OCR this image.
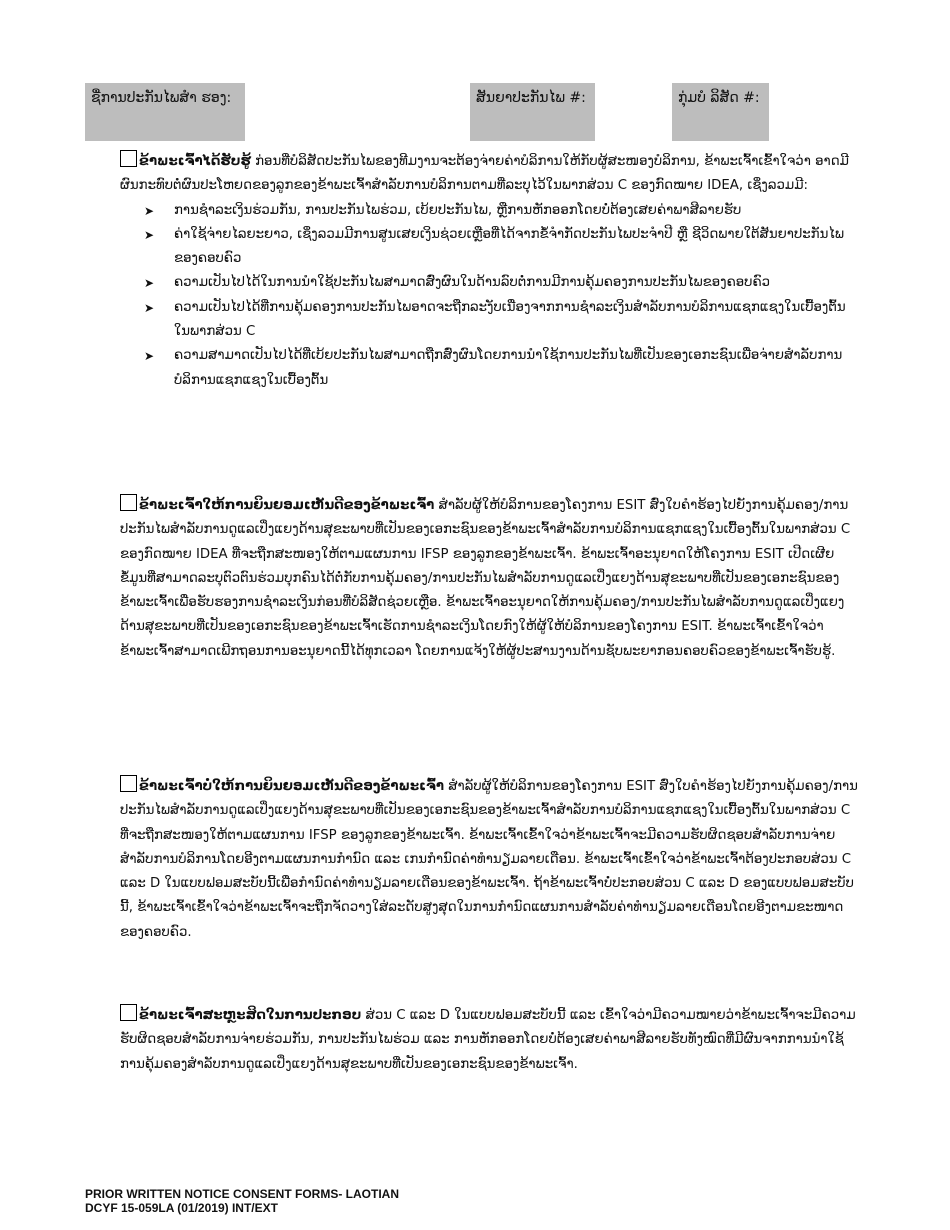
ຊື່ການປະກັນໄພສຳ ຮອງ:	ສັນຍາປະກັນໄພ #:	ກຸ່ມບໍ ລິສັດ #:
ຂ້າພະເຈົ້າໄດ້ຮັບຮູ້ ກ່ອນທີ່ບໍລິສັດປະກັນໄພຂອງທີມງານຈະຕ້ອງຈ່າຍຄ່າບໍລິການໃຫ້ກັບຜູ້ສະໜອງບໍລິການ, ຂ້າພະເຈົ້າເຂົ້າໃຈວ່າ ອາດມີຜົນກະທົບຕໍ່ຜົນປະໂຫຍດຂອງລູກຂອງຂ້າພະເຈົ້າສຳລັບການບໍລິການຕາມທີ່ລະບຸໄວ້ໃນພາກສ່ວນ C ຂອງກົດໝາຍ IDEA, ເຊິ່ງລວມມີ:
➤ ການຊຳລະເງິນຮ່ວມກັນ, ການປະກັນໄພຮ່ວມ, ເບ້ຍປະກັນໄພ, ຫຼືການຫັກອອກໂດຍບໍ່ຕ້ອງເສຍຄ່າພາສີລາຍຮັບ
➤ ຄ່າໃຊ້ຈ່າຍໄລຍະຍາວ, ເຊິ່ງລວມມີການສູນເສຍເງິນຊ່ວຍເຫຼືອທີ່ໄດ້ຈາກຂໍ້ຈຳກັດປະກັນໄພປະຈຳປີ ຫຼື ຊີວິດພາຍໃຕ້ສັນຍາປະກັນໄພຂອງຄອບຄົວ
➤ ຄວາມເປັນໄປໄດ້ໃນການນຳໃຊ້ປະກັນໄພສາມາດສົ່ງຜົນໃນດ້ານລົບຕໍ່ການມີການຄຸ້ມຄອງການປະກັນໄພຂອງຄອບຄົວ
➤ ຄວາມເປັນໄປໄດ້ທີ່ການຄຸ້ມຄອງການປະກັນໄພອາດຈະຖືກລະງັບເນື່ອງຈາກການຊຳລະເງິນສຳລັບການບໍລິການແຊກແຊງໃນເບື້ອງຕົ້ນໃນພາກສ່ວນ C
➤ ຄວາມສາມາດເປັນໄປໄດ້ທີ່ເບ້ຍປະກັນໄພສາມາດຖືກສົ່ງຜົນໂດຍການນຳໃຊ້ການປະກັນໄພທີ່ເປັນຂອງເອກະຊົນເພື່ອຈ່າຍສຳລັບການບໍລິການແຊກແຊງໃນເບື້ອງຕົ້ນ
ຂ້າພະເຈົ້າໃຫ້ການຍິນຍອມເຫັນດີຂອງຂ້າພະເຈົ້າ ສຳລັບຜູ້ໃຫ້ບໍລິການຂອງໂຄງການ ESIT ສົ່ງໃບຄຳຮ້ອງໄປຍັງການຄຸ້ມຄອງ/ການປະກັນໄພສຳລັບການດູແລເປິ່ງແຍງດ້ານສຸຂະພາບທີ່ເປັນຂອງເອກະຊົນຂອງຂ້າພະເຈົ້າສຳລັບການບໍລິການແຊກແຊງໃນເບື້ອງຕົ້ນໃນພາກສ່ວນ C ຂອງກົດໝາຍ IDEA ທີ່ຈະຖືກສະໜອງໃຫ້ຕາມແຜນການ IFSP ຂອງລູກຂອງຂ້າພະເຈົ້າ. ຂ້າພະເຈົ້າອະນຸຍາດໃຫ້ໂຄງການ ESIT ເປີດເຜີຍຂໍ້ມູນທີ່ສາມາດລະບຸຕົວຕົນຮ່ວມບຸກຄົນໄດ້ຕໍ່ກັບການຄຸ້ມຄອງ/ການປະກັນໄພສຳລັບການດູແລເປິ່ງແຍງດ້ານສຸຂະພາບທີ່ເປັນຂອງເອກະຊົນຂອງຂ້າພະເຈົ້າເພື່ອຮັບຮອງການຊຳລະເງິນກ່ອນທີ່ບໍລິສັດຊ່ວຍເຫຼືອ. ຂ້າພະເຈົ້າອະນຸຍາດໃຫ້ການຄຸ້ມຄອງ/ການປະກັນໄພສຳລັບການດູແລເປິ່ງແຍງດ້ານສຸຂະພາບທີ່ເປັນຂອງເອກະຊົນຂອງຂ້າພະເຈົ້າເຮັດການຊຳລະເງິນໂດຍກົງໃຫ້ຜູ້ໃຫ້ບໍລິການຂອງໂຄງການ ESIT. ຂ້າພະເຈົ້າເຂົ້າໃຈວ່າຂ້າພະເຈົ້າສາມາດເພີກຖອນການອະນຸຍາດນີ້ໄດ້ທຸກເວລາ ໂດຍການແຈ້ງໃຫ້ຜູ້ປະສານງານດ້ານຊັບພະຍາກອນຄອບຄົວຂອງຂ້າພະເຈົ້າຮັບຮູ້.
ຂ້າພະເຈົ້າບໍ່ໃຫ້ການຍິນຍອມເຫັນດີຂອງຂ້າພະເຈົ້າ ສຳລັບຜູ້ໃຫ້ບໍລິການຂອງໂຄງການ ESIT ສົ່ງໃບຄຳຮ້ອງໄປຍັງການຄຸ້ມຄອງ/ການປະກັນໄພສຳລັບການດູແລເປິ່ງແຍງດ້ານສຸຂະພາບທີ່ເປັນຂອງເອກະຊົນຂອງຂ້າພະເຈົ້າສຳລັບການບໍລິການແຊກແຊງໃນເບື້ອງຕົ້ນໃນພາກສ່ວນ C ທີ່ຈະຖືກສະໜອງໃຫ້ຕາມແຜນການ IFSP ຂອງລູກຂອງຂ້າພະເຈົ້າ. ຂ້າພະເຈົ້າເຂົ້າໃຈວ່າຂ້າພະເຈົ້າຈະມີຄວາມຮັບຜິດຊອບສຳລັບການຈ່າຍສຳລັບການບໍລິການໂດຍອີງຕາມແຜນການກຳນົດ ແລະ ເກນກຳນົດຄ່າທຳນຽມລາຍເດືອນ. ຂ້າພະເຈົ້າເຂົ້າໃຈວ່າຂ້າພະເຈົ້າຕ້ອງປະກອບສ່ວນ C ແລະ D ໃນແບບຟອມສະບັບນີ້ເພື່ອກຳນົດຄ່າທຳນຽມລາຍເດືອນຂອງຂ້າພະເຈົ້າ. ຖ້າຂ້າພະເຈົ້າບໍ່ປະກອບສ່ວນ C ແລະ D ຂອງແບບຟອມສະບັບນີ້, ຂ້າພະເຈົ້າເຂົ້າໃຈວ່າຂ້າພະເຈົ້າຈະຖືກຈັດວາງໃສ່ລະດັບສູງສຸດໃນການກຳນົດແຜນການສຳລັບຄ່າທຳນຽມລາຍເດືອນໂດຍອີງຕາມຂະໜາດຂອງຄອບຄົວ.
ຂ້າພະເຈົ້າສະຫຼະສິດໃນການປະກອບ ສ່ວນ C ແລະ D ໃນແບບຟອມສະບັບນີ້ ແລະ ເຂົ້າໃຈວ່າມີຄວາມໝາຍວ່າຂ້າພະເຈົ້າຈະມີຄວາມຮັບຜິດຊອບສຳລັບການຈ່າຍຮ່ວມກັນ, ການປະກັນໄພຮ່ວມ ແລະ ການຫັກອອກໂດຍບໍ່ຕ້ອງເສຍຄ່າພາສີລາຍຮັບທັງໝົດທີ່ມີຜົນຈາກການນຳໃຊ້ການຄຸ້ມຄອງສຳລັບການດູແລເປິ່ງແຍງດ້ານສຸຂະພາບທີ່ເປັນຂອງເອກະຊົນຂອງຂ້າພະເຈົ້າ.
PRIOR WRITTEN NOTICE CONSENT FORMS- LAOTIAN
DCYF 15-059LA (01/2019) INT/EXT
